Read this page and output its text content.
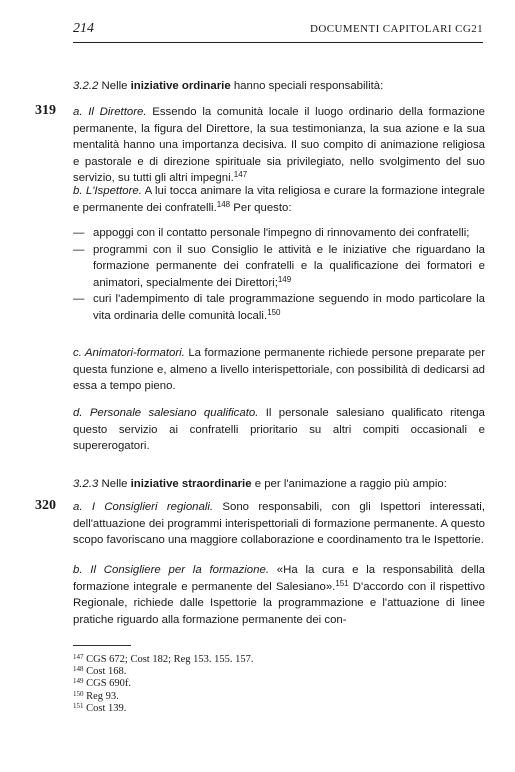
214	DOCUMENTI CAPITOLARI CG21
3.2.2 Nelle iniziative ordinarie hanno speciali responsabilità:
319 a. Il Direttore. Essendo la comunità locale il luogo ordinario della formazione permanente, la figura del Direttore, la sua testimonianza, la sua azione e la sua mentalità hanno una importanza decisiva. Il suo compito di animazione religiosa e pastorale e di direzione spirituale sia privilegiato, nello svolgimento del suo servizio, su tutti gli altri impegni.$^{147}$
b. L'Ispettore. A lui tocca animare la vita religiosa e curare la formazione integrale e permanente dei confratelli.$^{148}$ Per questo:
— appoggi con il contatto personale l'impegno di rinnovamento dei confratelli;
— programmi con il suo Consiglio le attività e le iniziative che riguardano la formazione permanente dei confratelli e la qualificazione dei formatori e animatori, specialmente dei Direttori;$^{149}$
— curi l'adempimento di tale programmazione seguendo in modo particolare la vita ordinaria delle comunità locali.$^{150}$
c. Animatori-formatori. La formazione permanente richiede persone preparate per questa funzione e, almeno a livello interispettoriale, con possibilità di dedicarsi ad essa a tempo pieno.
d. Personale salesiano qualificato. Il personale salesiano qualificato ritenga questo servizio ai confratelli prioritario su altri compiti occasionali e supererogatori.
3.2.3 Nelle iniziative straordinarie e per l'animazione a raggio più ampio:
320 a. I Consiglieri regionali. Sono responsabili, con gli Ispettori interessati, dell'attuazione dei programmi interispettoriali di formazione permanente. A questo scopo favoriscano una maggiore collaborazione e coordinamento tra le Ispettorie.
b. Il Consigliere per la formazione. «Ha la cura e la responsabilità della formazione integrale e permanente del Salesiano».$^{151}$ D'accordo con il rispettivo Regionale, richiede dalle Ispettorie la programmazione e l'attuazione di linee pratiche riguardo alla formazione permanente dei con-
$^{147}$ CGS 672; Cost 182; Reg 153. 155. 157.
$^{148}$ Cost 168.
$^{149}$ CGS 690f.
$^{150}$ Reg 93.
$^{151}$ Cost 139.
